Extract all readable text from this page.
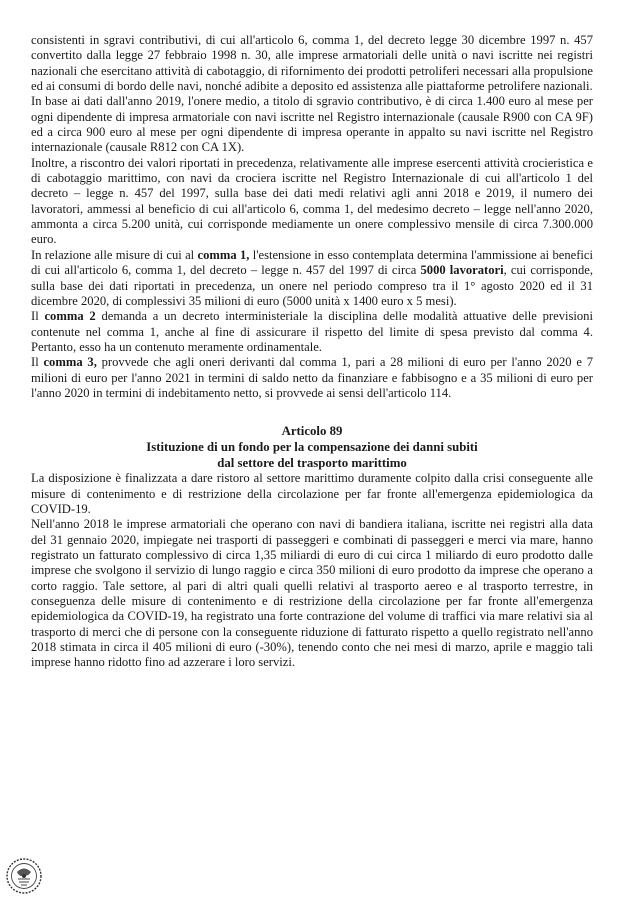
consistenti in sgravi contributivi, di cui all'articolo 6, comma 1, del decreto legge 30 dicembre 1997 n. 457 convertito dalla legge 27 febbraio 1998 n. 30, alle imprese armatoriali delle unità o navi iscritte nei registri nazionali che esercitano attività di cabotaggio, di rifornimento dei prodotti petroliferi necessari alla propulsione ed ai consumi di bordo delle navi, nonché adibite a deposito ed assistenza alle piattaforme petrolifere nazionali.

In base ai dati dall'anno 2019, l'onere medio, a titolo di sgravio contributivo, è di circa 1.400 euro al mese per ogni dipendente di impresa armatoriale con navi iscritte nel Registro internazionale (causale R900 con CA 9F) ed a circa 900 euro al mese per ogni dipendente di impresa operante in appalto su navi iscritte nel Registro internazionale (causale R812 con CA 1X).

Inoltre, a riscontro dei valori riportati in precedenza, relativamente alle imprese esercenti attività crocieristica e di cabotaggio marittimo, con navi da crociera iscritte nel Registro Internazionale di cui all'articolo 1 del decreto – legge n. 457 del 1997, sulla base dei dati medi relativi agli anni 2018 e 2019, il numero dei lavoratori, ammessi al beneficio di cui all'articolo 6, comma 1, del medesimo decreto – legge nell'anno 2020, ammonta a circa 5.200 unità, cui corrisponde mediamente un onere complessivo mensile di circa 7.300.000 euro.

In relazione alle misure di cui al comma 1, l'estensione in esso contemplata determina l'ammissione ai benefici di cui all'articolo 6, comma 1, del decreto – legge n. 457 del 1997 di circa 5000 lavoratori, cui corrisponde, sulla base dei dati riportati in precedenza, un onere nel periodo compreso tra il 1° agosto 2020 ed il 31 dicembre 2020, di complessivi 35 milioni di euro (5000 unità x 1400 euro x 5 mesi).

Il comma 2 demanda a un decreto interministeriale la disciplina delle modalità attuative delle previsioni contenute nel comma 1, anche al fine di assicurare il rispetto del limite di spesa previsto dal comma 4. Pertanto, esso ha un contenuto meramente ordinamentale.

Il comma 3, provvede che agli oneri derivanti dal comma 1, pari a 28 milioni di euro per l'anno 2020 e 7 milioni di euro per l'anno 2021 in termini di saldo netto da finanziare e fabbisogno e a 35 milioni di euro per l'anno 2020 in termini di indebitamento netto, si provvede ai sensi dell'articolo 114.

Articolo 89

Istituzione di un fondo per la compensazione dei danni subiti

dal settore del trasporto marittimo

La disposizione è finalizzata a dare ristoro al settore marittimo duramente colpito dalla crisi conseguente alle misure di contenimento e di restrizione della circolazione per far fronte all'emergenza epidemiologica da COVID-19.

Nell'anno 2018 le imprese armatoriali che operano con navi di bandiera italiana, iscritte nei registri alla data del 31 gennaio 2020, impiegate nei trasporti di passeggeri e combinati di passeggeri e merci via mare, hanno registrato un fatturato complessivo di circa 1,35 miliardi di euro di cui circa 1 miliardo di euro prodotto dalle imprese che svolgono il servizio di lungo raggio e circa 350 milioni di euro prodotto da imprese che operano a corto raggio. Tale settore, al pari di altri quali quelli relativi al trasporto aereo e al trasporto terrestre, in conseguenza delle misure di contenimento e di restrizione della circolazione per far fronte all'emergenza epidemiologica da COVID-19, ha registrato una forte contrazione del volume di traffici via mare relativi sia al trasporto di merci che di persone con la conseguente riduzione di fatturato rispetto a quello registrato nell'anno 2018 stimata in circa il 405 milioni di euro (-30%), tenendo conto che nei mesi di marzo, aprile e maggio tali imprese hanno ridotto fino ad azzerare i loro servizi.
